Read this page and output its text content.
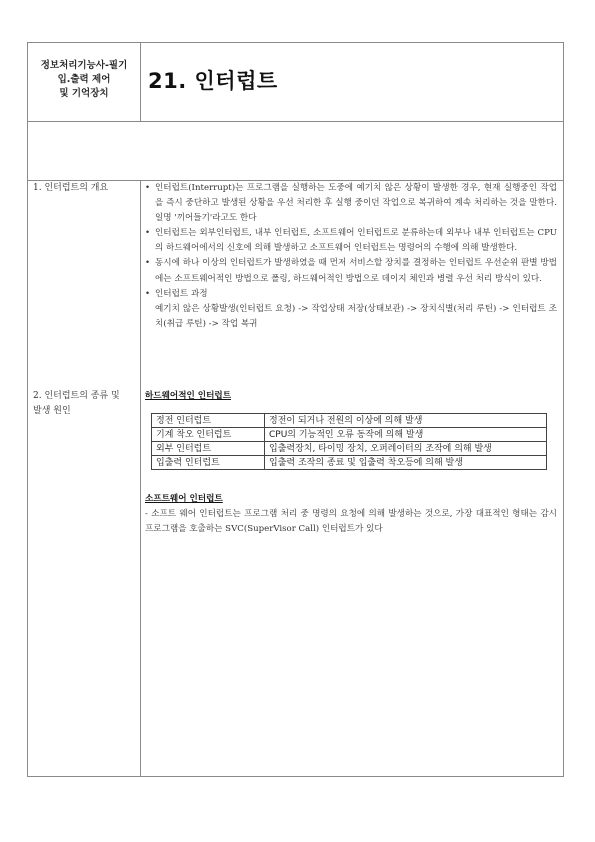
정보처리기능사-필기
입.출력 제어
및 기억장치
21. 인터럽트
1. 인터럽트의 개요	• 인터럽트(Interrupt)는 프로그램을 실행하는 도중에 예기치 않은 상황이 발생한 경우, 현재 실행중인 작업을 즉시 중단하고 발생된 상황을 우선 처리한 후 실행 중이던 작업으로 복귀하여 계속 처리하는 것을 말한다. 일명 '끼어들기'라고도 한다
• 인터럽트는 외부인터럽트, 내부 인터럽트, 소프트웨어 인터럽트로 분류하는데 외부나 내부 인터럽트는 CPU의 하드웨어에서의 신호에 의해 발생하고 소프트웨어 인터럽트는 명령어의 수행에 의해 발생한다.
• 동시에 하나 이상의 인터럽트가 발생하였을 때 먼저 서비스할 장치를 결정하는 인터럽트 우선순위 판별 방법에는 소프트웨어적인 방법으로 폴링, 하드웨어적인 방법으로 데이지 체인과 병렬 우선 처리 방식이 있다.
• 인터럽트 과정
예기치 않은 상황발생(인터럽트 요청) -> 작업상태 저장(상태보관) -> 장치식별(처리 루틴) -> 인터럽트 조치(취급 루틴) -> 작업 복귀
2. 인터럽트의 종류 및
발생 원인
하드웨어적인 인터럽트
정전 인터럽트	정전이 되거나 전원의 이상에 의해 발생
기계 착오 인터럽트	CPU의 기능적인 오류 동작에 의해 발생
외부 인터럽트	입출력장치, 타이밍 장치, 오퍼레이터의 조작에 의해 발생
입출력 인터럽트	입출력 조작의 종료 및 입출력 착오등에 의해 발생
소프트웨어 인터럽트
- 소프트 웨어 인터럽트는 프로그램 처리 중 명령의 요청에 의해 발생하는 것으로, 가장 대표적인 형태는 감시 프로그램을 호출하는 SVC(SuperVisor Call) 인터럽트가 있다
